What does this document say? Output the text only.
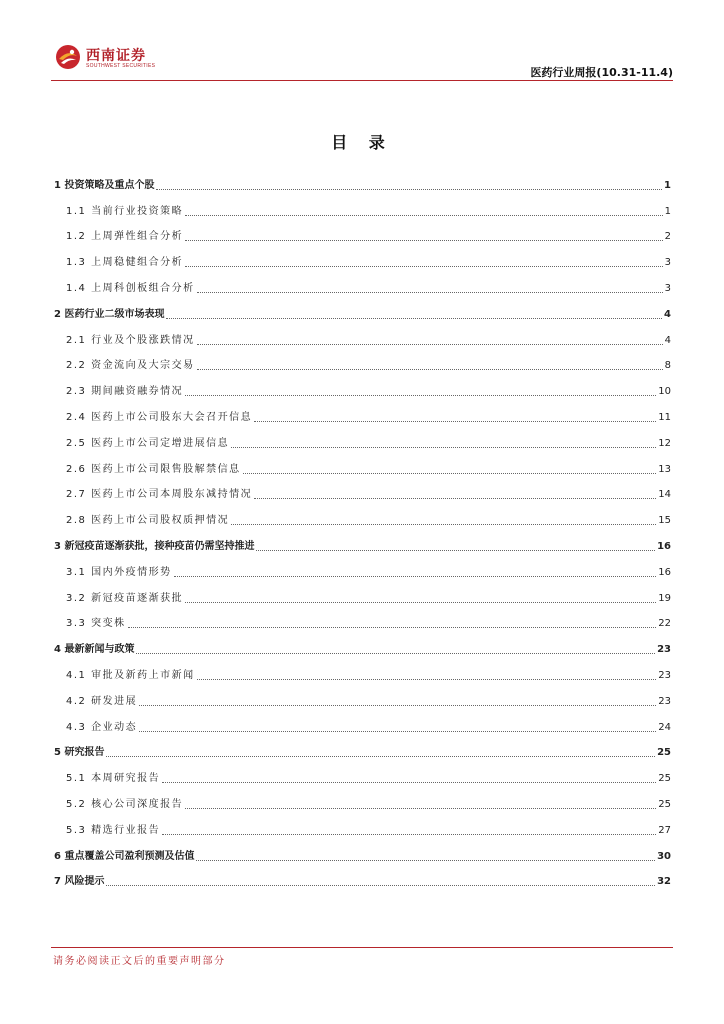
西南证券
SOUTHWEST SECURITIES	医药行业周报(10.31-11.4)
目 录
1 投资策略及重点个股	1
1.1 当前行业投资策略	1
1.2 上周弹性组合分析	2
1.3 上周稳健组合分析	3
1.4 上周科创板组合分析	3
2 医药行业二级市场表现	4
2.1 行业及个股涨跌情况	4
2.2 资金流向及大宗交易	8
2.3 期间融资融券情况	10
2.4 医药上市公司股东大会召开信息	11
2.5 医药上市公司定增进展信息	12
2.6 医药上市公司限售股解禁信息	13
2.7 医药上市公司本周股东减持情况	14
2.8 医药上市公司股权质押情况	15
3 新冠疫苗逐渐获批，接种疫苗仍需坚持推进	16
3.1 国内外疫情形势	16
3.2 新冠疫苗逐渐获批	19
3.3 突变株	22
4 最新新闻与政策	23
4.1 审批及新药上市新闻	23
4.2 研发进展	23
4.3 企业动态	24
5 研究报告	25
5.1 本周研究报告	25
5.2 核心公司深度报告	25
5.3 精选行业报告	27
6 重点覆盖公司盈利预测及估值	30
7 风险提示	32
请务必阅读正文后的重要声明部分
